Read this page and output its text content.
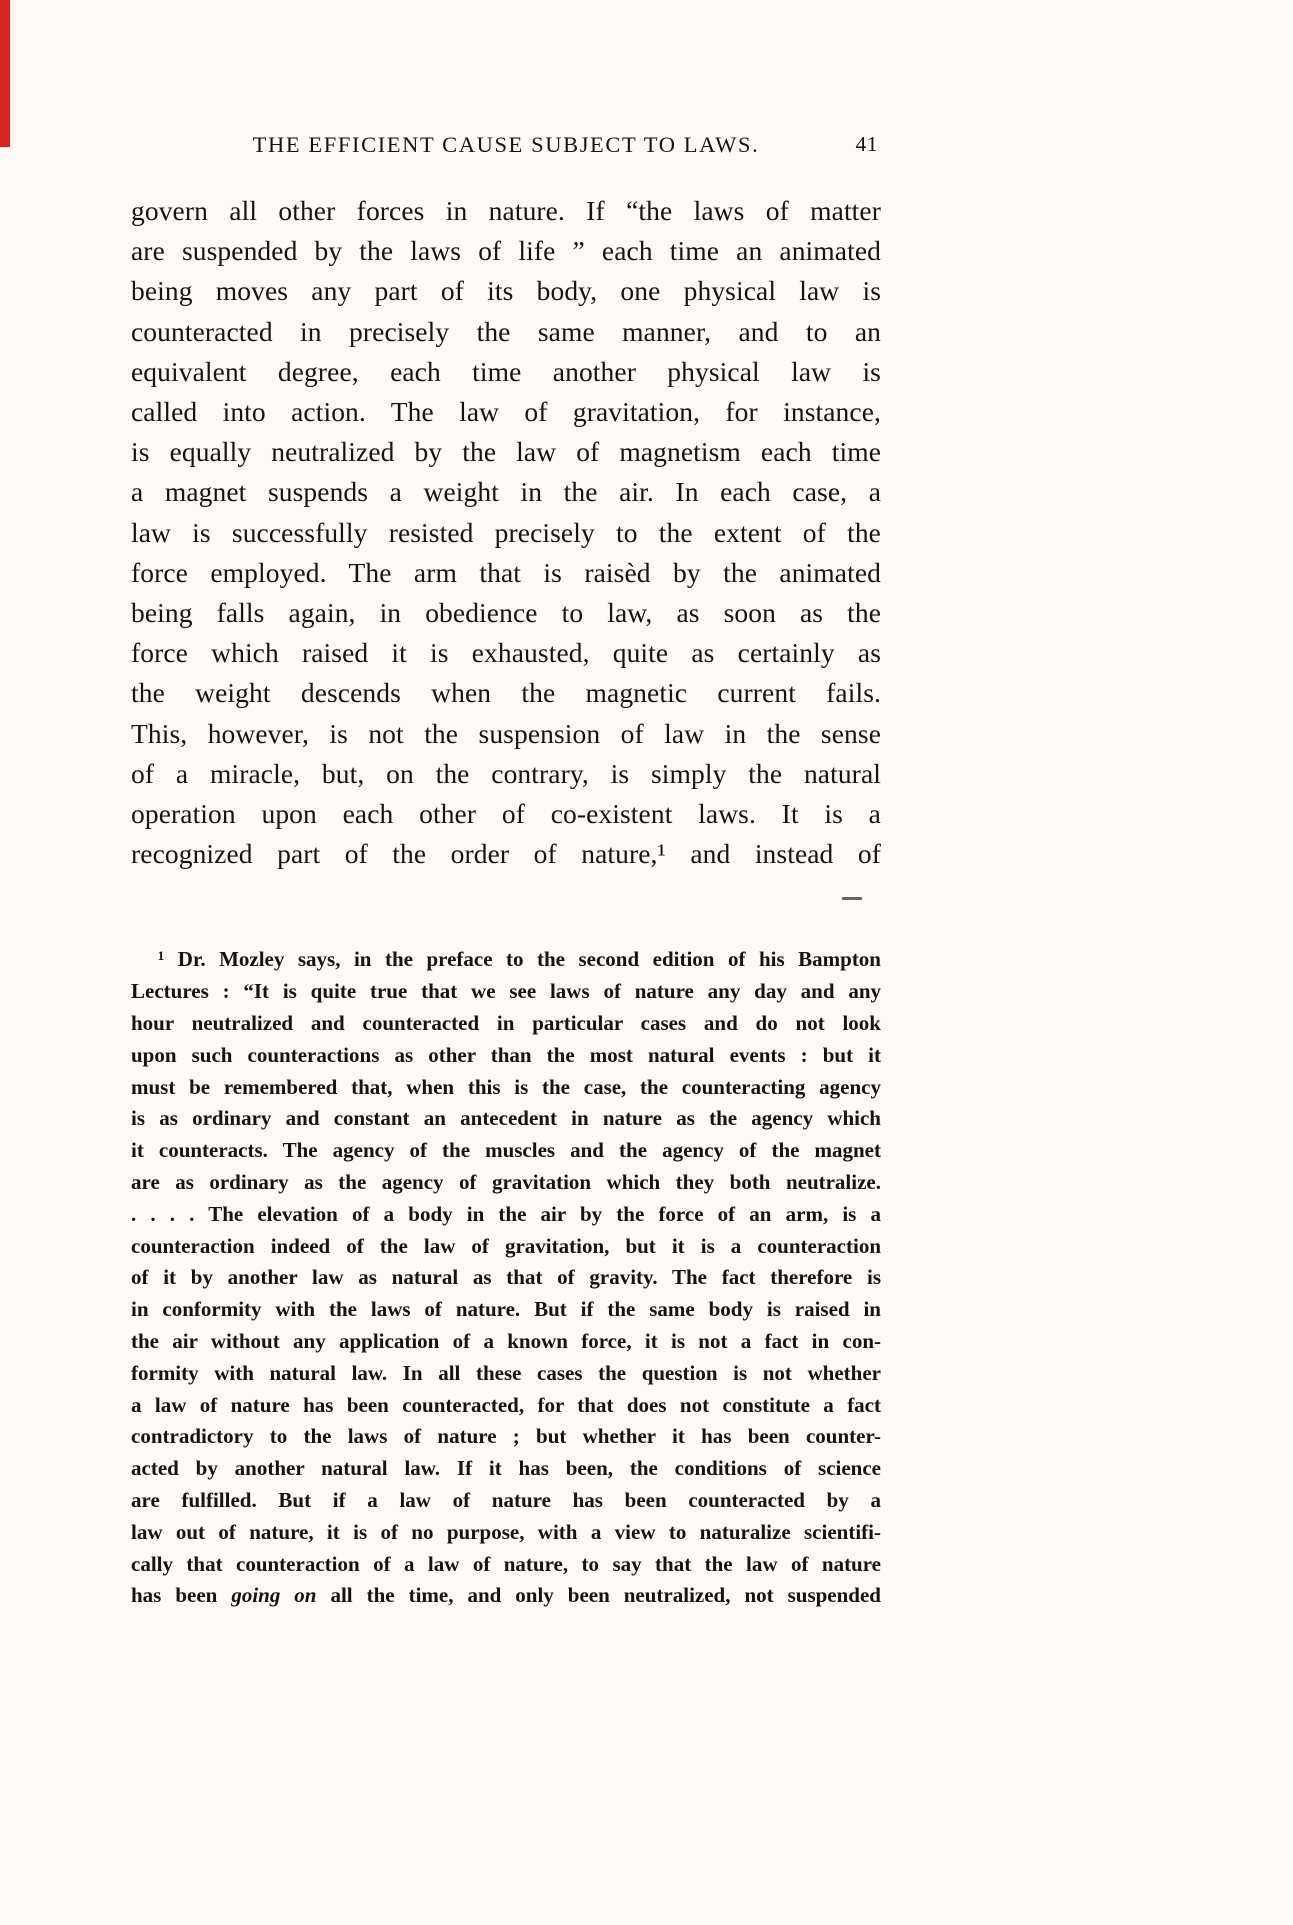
THE EFFICIENT CAUSE SUBJECT TO LAWS.	41
govern all other forces in nature. If “the laws of matter
are suspended by the laws of life ” each time an animated
being moves any part of its body, one physical law is
counteracted in precisely the same manner, and to an
equivalent degree, each time another physical law is
called into action. The law of gravitation, for instance,
is equally neutralized by the law of magnetism each time
a magnet suspends a weight in the air. In each case, a
law is successfully resisted precisely to the extent of the
force employed. The arm that is raisèd by the animated
being falls again, in obedience to law, as soon as the
force which raised it is exhausted, quite as certainly as
the weight descends when the magnetic current fails.
This, however, is not the suspension of law in the sense
of a miracle, but, on the contrary, is simply the natural
operation upon each other of co-existent laws. It is a
recognized part of the order of nature,¹ and instead of
¹ Dr. Mozley says, in the preface to the second edition of his Bampton
Lectures : “It is quite true that we see laws of nature any day and any
hour neutralized and counteracted in particular cases and do not look
upon such counteractions as other than the most natural events : but it
must be remembered that, when this is the case, the counteracting agency
is as ordinary and constant an antecedent in nature as the agency which
it counteracts. The agency of the muscles and the agency of the magnet
are as ordinary as the agency of gravitation which they both neutralize.
. . . . The elevation of a body in the air by the force of an arm, is a
counteraction indeed of the law of gravitation, but it is a counteraction
of it by another law as natural as that of gravity. The fact therefore is
in conformity with the laws of nature. But if the same body is raised in
the air without any application of a known force, it is not a fact in con-
formity with natural law. In all these cases the question is not whether
a law of nature has been counteracted, for that does not constitute a fact
contradictory to the laws of nature ; but whether it has been counter-
acted by another natural law. If it has been, the conditions of science
are fulfilled. But if a law of nature has been counteracted by a
law out of nature, it is of no purpose, with a view to naturalize scientifi-
cally that counteraction of a law of nature, to say that the law of nature
has been going on all the time, and only been neutralized, not suspended
